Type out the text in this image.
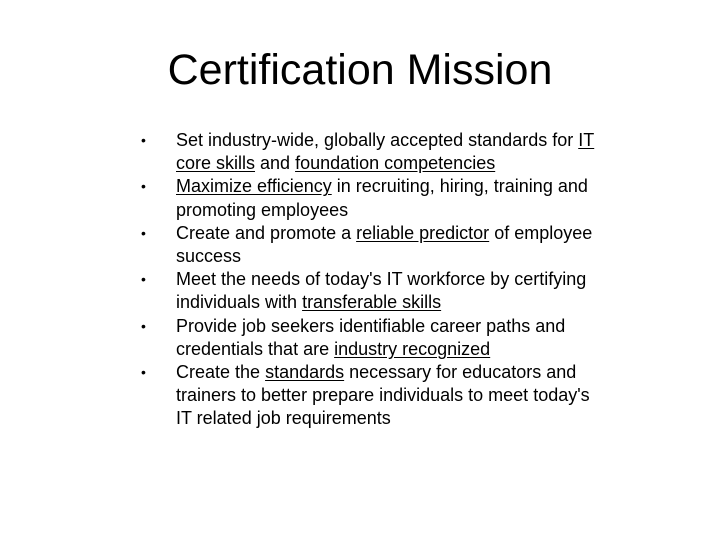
Certification Mission
• Set industry-wide, globally accepted standards for IT core skills and foundation competencies
• Maximize efficiency in recruiting, hiring, training and promoting employees
• Create and promote a reliable predictor of employee success
• Meet the needs of today's IT workforce by certifying individuals with transferable skills
• Provide job seekers identifiable career paths and credentials that are industry recognized
• Create the standards necessary for educators and trainers to better prepare individuals to meet today's IT related job requirements
